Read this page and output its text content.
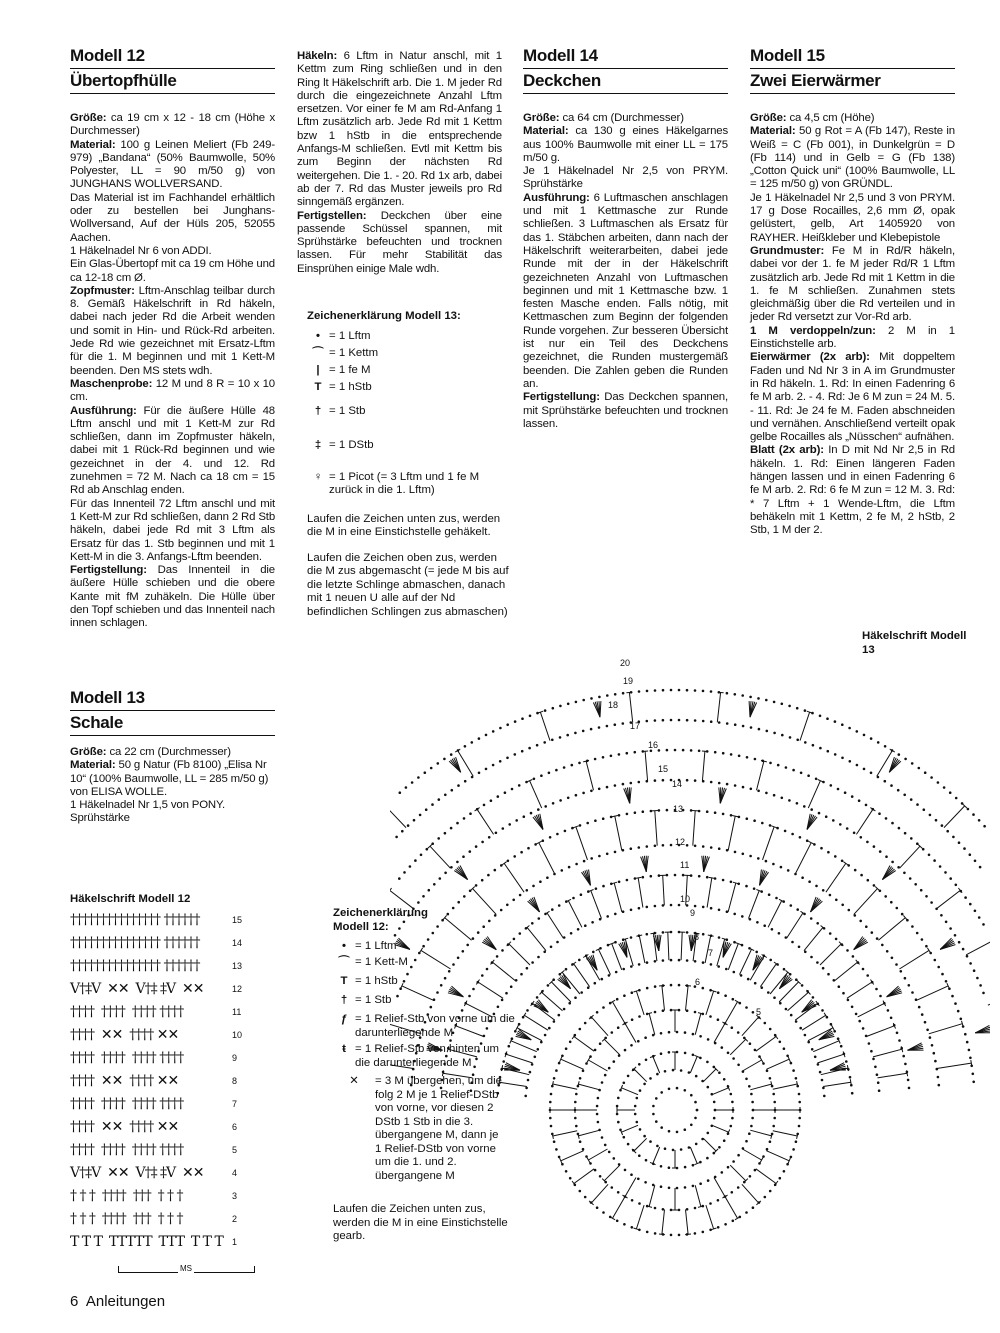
Modell 12
Übertopfhülle

Größe: ca 19 cm x 12 - 18 cm (Höhe x Durchmesser)

Material: 100 g Leinen Meliert (Fb 249-979) „Bandana“ (50% Baumwolle, 50% Polyester, LL = 90 m/50 g) von JUNGHANS WOLLVERSAND.

Das Material ist im Fachhandel erhältlich oder zu bestellen bei Junghans-Wollversand, Auf der Hüls 205, 52055 Aachen.

1 Häkelnadel Nr 6 von ADDI.

Ein Glas-Übertopf mit ca 19 cm Höhe und ca 12-18 cm Ø.

Zopfmuster: Lftm-Anschlag teilbar durch 8. Gemäß Häkelschrift in Rd häkeln, dabei nach jeder Rd die Arbeit wenden und somit in Hin- und Rück-Rd arbeiten. Jede Rd wie gezeichnet mit Ersatz-Lftm für die 1. M beginnen und mit 1 Kett-M beenden. Den MS stets wdh.

Maschenprobe: 12 M und 8 R = 10 x 10 cm.

Ausführung: Für die äußere Hülle 48 Lftm anschl und mit 1 Kett-M zur Rd schließen, dann im Zopfmuster häkeln, dabei mit 1 Rück-Rd beginnen und wie gezeichnet in der 4. und 12. Rd zunehmen = 72 M. Nach ca 18 cm = 15 Rd ab Anschlag enden.

Für das Innenteil 72 Lftm anschl und mit 1 Kett-M zur Rd schließen, dann 2 Rd Stb häkeln, dabei jede Rd mit 3 Lftm als Ersatz für das 1. Stb beginnen und mit 1 Kett-M in die 3. Anfangs-Lftm beenden.

Fertigstellung: Das Innenteil in die äußere Hülle schieben und die obere Kante mit fM zuhäkeln. Die Hülle über den Topf schieben und das Innenteil nach innen schlagen.

Häkeln: 6 Lftm in Natur anschl, mit 1 Kettm zum Ring schließen und in den Ring lt Häkelschrift arb. Die 1. M jeder Rd durch die eingezeichnete Anzahl Lftm ersetzen. Vor einer fe M am Rd-Anfang 1 Lftm zusätzlich arb. Jede Rd mit 1 Kettm bzw 1 hStb in die entsprechende Anfangs-M schließen. Evtl mit Kettm bis zum Beginn der nächsten Rd weitergehen. Die 1. - 20. Rd 1x arb, dabei ab der 7. Rd das Muster jeweils pro Rd sinngemäß ergänzen.

Fertigstellen: Deckchen über eine passende Schüssel spannen, mit Sprühstärke befeuchten und trocknen lassen. Für mehr Stabilität das Einsprühen einige Male wdh.

Modell 14
Deckchen

Größe: ca 64 cm (Durchmesser)

Material: ca 130 g eines Häkelgarnes aus 100% Baumwolle mit einer LL = 175 m/50 g.

Je 1 Häkelnadel Nr 2,5 von PRYM. Sprühstärke

Ausführung: 6 Luftmaschen anschlagen und mit 1 Kettmasche zur Runde schließen. 3 Luftmaschen als Ersatz für das 1. Stäbchen arbeiten, dann nach der Häkelschrift weiterarbeiten, dabei jede Runde mit der in der Häkelschrift gezeichneten Anzahl von Luftmaschen beginnen und mit 1 Kettmasche bzw. 1 festen Masche enden. Falls nötig, mit Kettmaschen zum Beginn der folgenden Runde vorgehen. Zur besseren Übersicht ist nur ein Teil des Deckchens gezeichnet, die Runden mustergemäß beenden. Die Zahlen geben die Runden an.

Fertigstellung: Das Deckchen spannen, mit Sprühstärke befeuchten und trocknen lassen.

Modell 15
Zwei Eierwärmer

Größe: ca 4,5 cm (Höhe)

Material: 50 g Rot = A (Fb 147), Reste in Weiß = C (Fb 001), in Dunkelgrün = D (Fb 114) und in Gelb = G (Fb 138) „Cotton Quick uni“ (100% Baumwolle, LL = 125 m/50 g) von GRÜNDL.

Je 1 Häkelnadel Nr 2,5 und 3 von PRYM. 17 g Dose Rocailles, 2,6 mm Ø, opak gelüstert, gelb, Art 1405920 von RAYHER. Heißkleber und Klebepistole

Grundmuster: Fe M in Rd/R häkeln, dabei vor der 1. fe M jeder Rd/R 1 Lftm zusätzlich arb. Jede Rd mit 1 Kettm in die 1. fe M schließen. Zunahmen stets gleichmäßig über die Rd verteilen und in jeder Rd versetzt zur Vor-Rd arb.

1 M verdoppeln/zun: 2 M in 1 Einstichstelle arb.

Eierwärmer (2x arb): Mit doppeltem Faden und Nd Nr 3 in A im Grundmuster in Rd häkeln. 1. Rd: In einen Fadenring 6 fe M arb. 2. - 4. Rd: Je 6 M zun = 24 M. 5. - 11. Rd: Je 24 fe M. Faden abschneiden und vernähen. Anschließend verteilt opak gelbe Rocailles als „Nüsschen“ aufnähen.

Blatt (2x arb): In D mit Nd Nr 2,5 in Rd häkeln. 1. Rd: Einen längeren Faden hängen lassen und in einen Fadenring 6 fe M arb. 2. Rd: 6 fe M zun = 12 M. 3. Rd: * 7 Lftm + 1 Wende-Lftm, die Lftm behäkeln mit 1 Kettm, 2 fe M, 2 hStb, 2 Stb, 1 M der 2.

Zeichenerklärung Modell 13:
• = 1 Lftm
⌒ = 1 Kettm
| = 1 fe M
T = 1 hStb
† = 1 Stb
‡ = 1 DStb
♀ = 1 Picot (= 3 Lftm und 1 fe M zurück in die 1. Lftm)
Laufen die Zeichen unten zus, werden die M in eine Einstichstelle gehäkelt.
Laufen die Zeichen oben zus, werden die M zus abgemascht (= jede M bis auf die letzte Schlinge abmaschen, danach mit 1 neuen U alle auf der Nd befindlichen Schlingen zus abmaschen)
Modell 13
Schale

Größe: ca 22 cm (Durchmesser)

Material: 50 g Natur (Fb 8100) „Elisa Nr 10“ (100% Baumwolle, LL = 285 m/50 g) von ELISA WOLLE.

1 Häkelnadel Nr 1,5 von PONY.

Sprühstärke

Häkelschrift Modell 13
20
19
18
17
16
15
14
13
12
11
10
9
8
7
6
5
Häkelschrift Modell 12
††††††††††††††† ††††††	15
††††††††††††††† ††††††	14
††††††††††††††† ††††††	13
V†‡V  ✕✕  V†‡ ‡V  ✕✕	12
††††  ††††  †††† ††††	11
††††  ✕✕  †††† ✕✕	10
††††  ††††  †††† ††††	9
††††  ✕✕  †††† ✕✕	8
††††  ††††  †††† ††††	7
††††  ✕✕  †††† ✕✕	6
††††  ††††  †††† ††††	5
V†‡V  ✕✕  V†‡ ‡V  ✕✕	4
† † †  ††††  †††  † † †	3
† † †  ††††  †††  † † †	2
T T T  TTTTT  TTT  T T T 1
MS
Zeichenerklärung Modell 12:
• = 1 Lftm
⌒ = 1 Kett-M
T = 1 hStb
† = 1 Stb
ƒ = 1 Relief-Stb von vorne um die darunterliegende M
ŧ = 1 Relief-Stb von hinten um die darunterliegende M
✕	= 3 M übergehen, um die folg 2 M je 1 Relief-DStb von vorne, vor diesen 2 DStb 1 Stb in die 3. übergangene M, dann je 1 Relief-DStb von vorne um die 1. und 2. übergangene M
Laufen die Zeichen unten zus, werden die M in eine Einstichstelle gearb.
6 Anleitungen
